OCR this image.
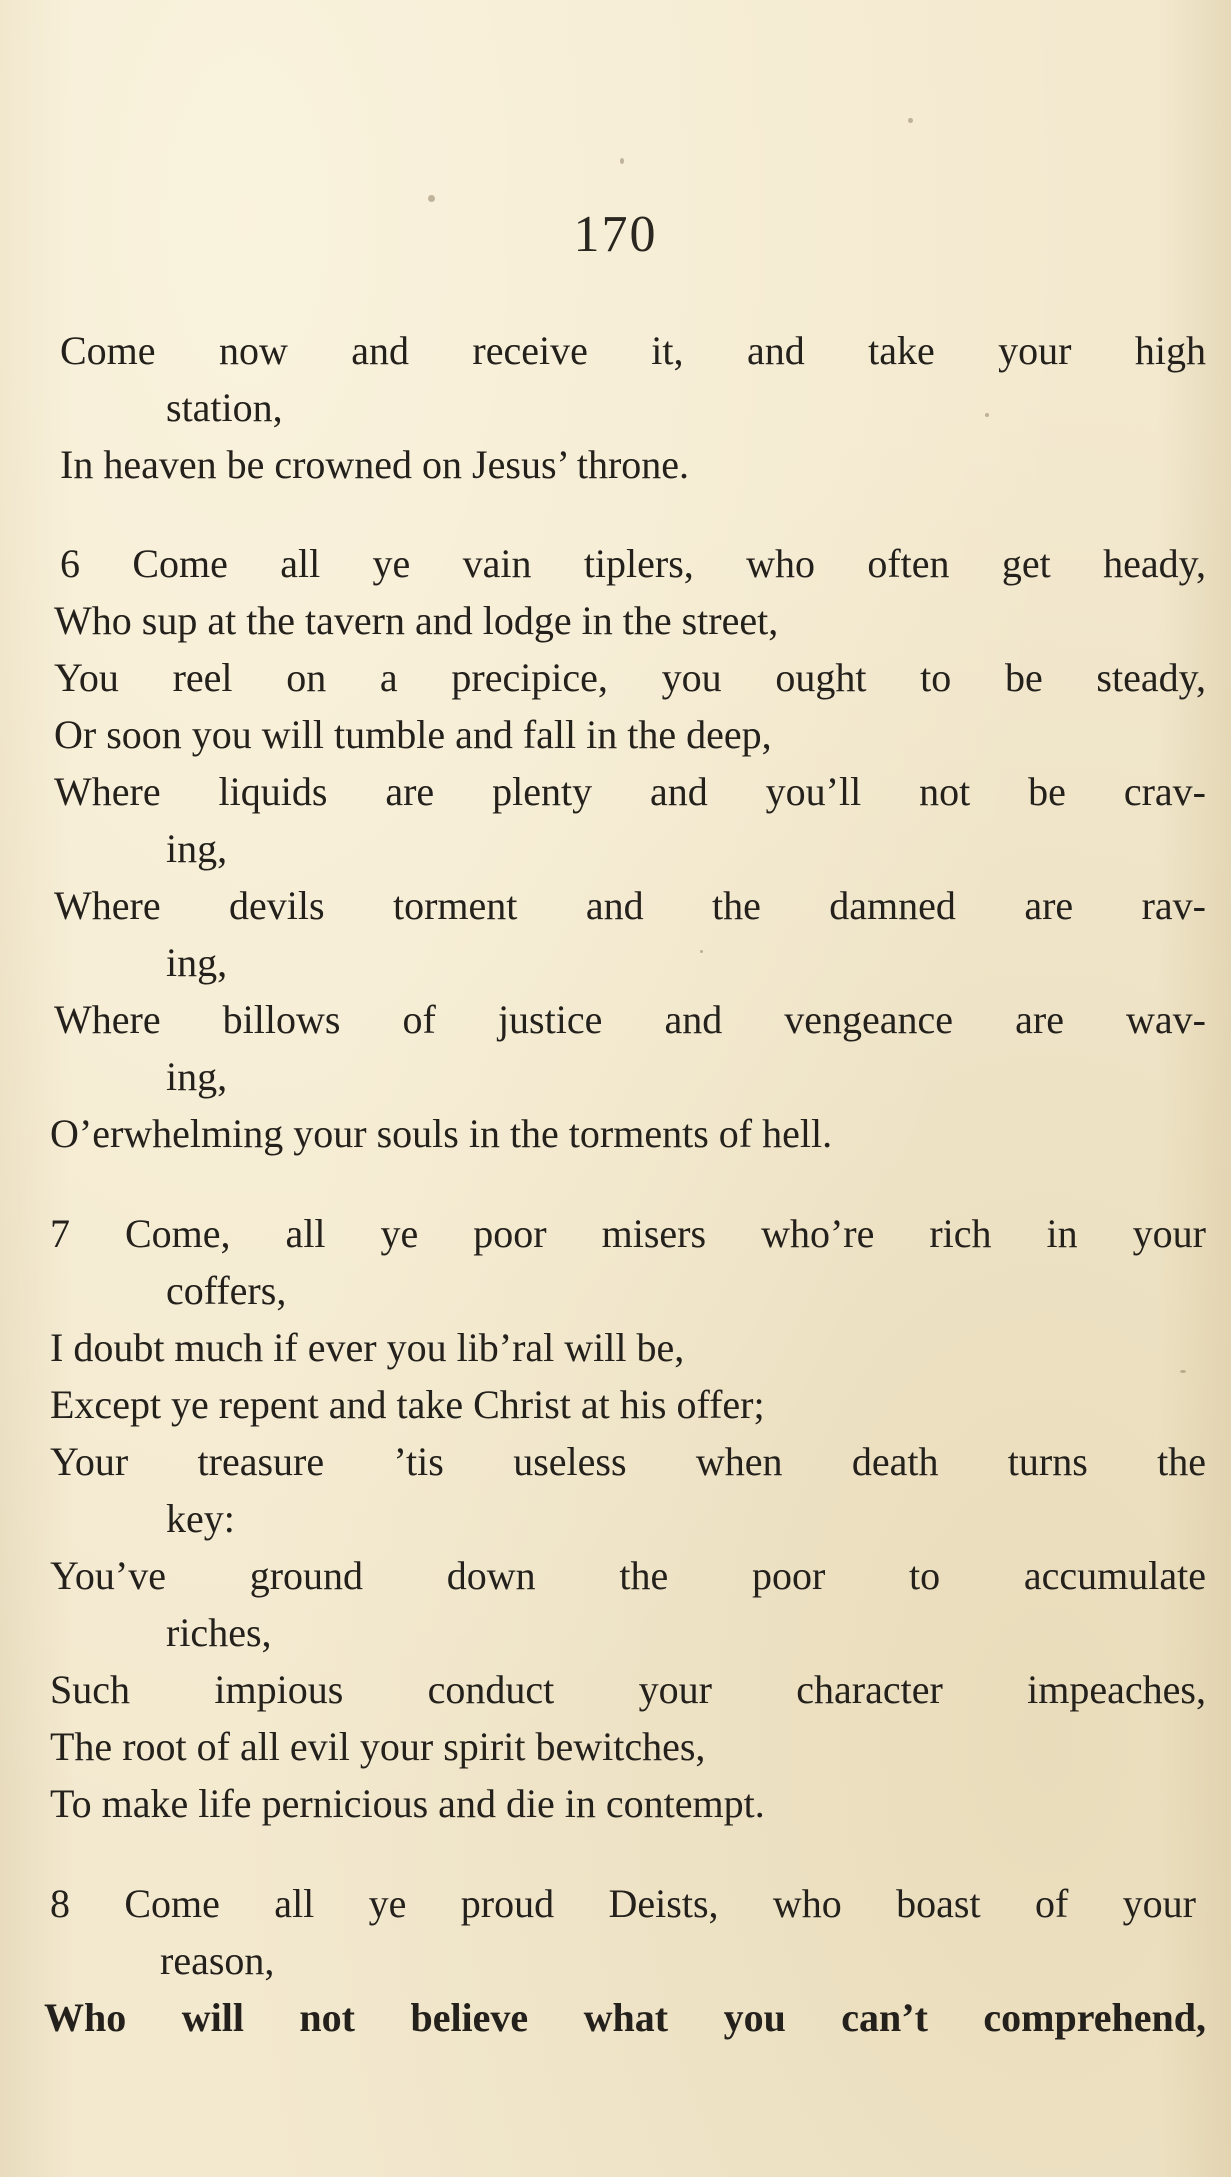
170
Come now and receive it, and take your high
station,
In heaven be crowned on Jesus’ throne.
6 Come all ye vain tiplers, who often get heady,
Who sup at the tavern and lodge in the street,
You reel on a precipice, you ought to be steady,
Or soon you will tumble and fall in the deep,
Where liquids are plenty and you’ll not be crav-
ing,
Where devils torment and the damned are rav-
ing,
Where billows of justice and vengeance are wav-
ing,
O’erwhelming your souls in the torments of hell.
7 Come, all ye poor misers who’re rich in your
coffers,
I doubt much if ever you lib’ral will be,
Except ye repent and take Christ at his offer;
Your treasure ’tis useless when death turns the
key:
You’ve ground down the poor to accumulate
riches,
Such impious conduct your character impeaches,
The root of all evil your spirit bewitches,
To make life pernicious and die in contempt.
8 Come all ye proud Deists, who boast of your
reason,
Who will not believe what you can’t comprehend,
